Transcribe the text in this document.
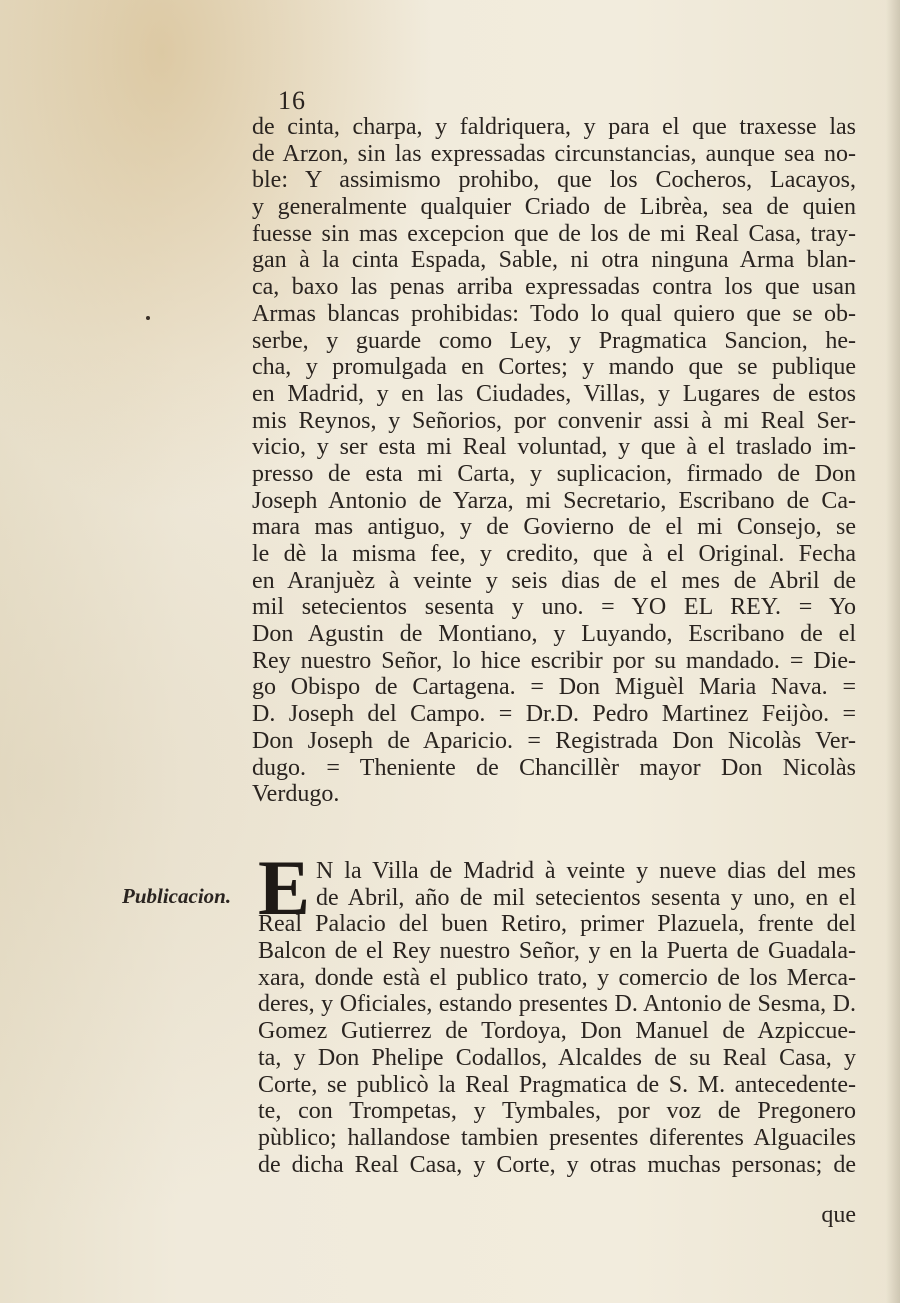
16
de cinta, charpa, y faldriquera, y para el que traxesse las
de Arzon, sin las expressadas circunstancias, aunque sea no-
ble: Y assimismo prohibo, que los Cocheros, Lacayos,
y generalmente qualquier Criado de Librèa, sea de quien
fuesse sin mas excepcion que de los de mi Real Casa, tray-
gan à la cinta Espada, Sable, ni otra ninguna Arma blan-
ca, baxo las penas arriba expressadas contra los que usan
Armas blancas prohibidas: Todo lo qual quiero que se ob-
serbe, y guarde como Ley, y Pragmatica Sancion, he-
cha, y promulgada en Cortes; y mando que se publique
en Madrid, y en las Ciudades, Villas, y Lugares de estos
mis Reynos, y Señorios, por convenir assi à mi Real Ser-
vicio, y ser esta mi Real voluntad, y que à el traslado im-
presso de esta mi Carta, y suplicacion, firmado de Don
Joseph Antonio de Yarza, mi Secretario, Escribano de Ca-
mara mas antiguo, y de Govierno de el mi Consejo, se
le dè la misma fee, y credito, que à el Original. Fecha
en Aranjuèz à veinte y seis dias de el mes de Abril de
mil setecientos sesenta y uno. = YO EL REY. = Yo
Don Agustin de Montiano, y Luyando, Escribano de el
Rey nuestro Señor, lo hice escribir por su mandado. = Die-
go Obispo de Cartagena. = Don Miguèl Maria Nava. =
D. Joseph del Campo. = Dr.D. Pedro Martinez Feijòo. =
Don Joseph de Aparicio. = Registrada Don Nicolàs Ver-
dugo. = Theniente de Chancillèr mayor Don Nicolàs
Verdugo.
Publicacion. E N la Villa de Madrid à veinte y nueve dias del mes
de Abril, año de mil setecientos sesenta y uno, en el
Real Palacio del buen Retiro, primer Plazuela, frente del
Balcon de el Rey nuestro Señor, y en la Puerta de Guadala-
xara, donde està el publico trato, y comercio de los Merca-
deres, y Oficiales, estando presentes D. Antonio de Sesma, D.
Gomez Gutierrez de Tordoya, Don Manuel de Azpiccue-
ta, y Don Phelipe Codallos, Alcaldes de su Real Casa, y
Corte, se publicò la Real Pragmatica de S. M. antecedente-
te, con Trompetas, y Tymbales, por voz de Pregonero
pùblico; hallandose tambien presentes diferentes Alguaciles
de dicha Real Casa, y Corte, y otras muchas personas; de
que
